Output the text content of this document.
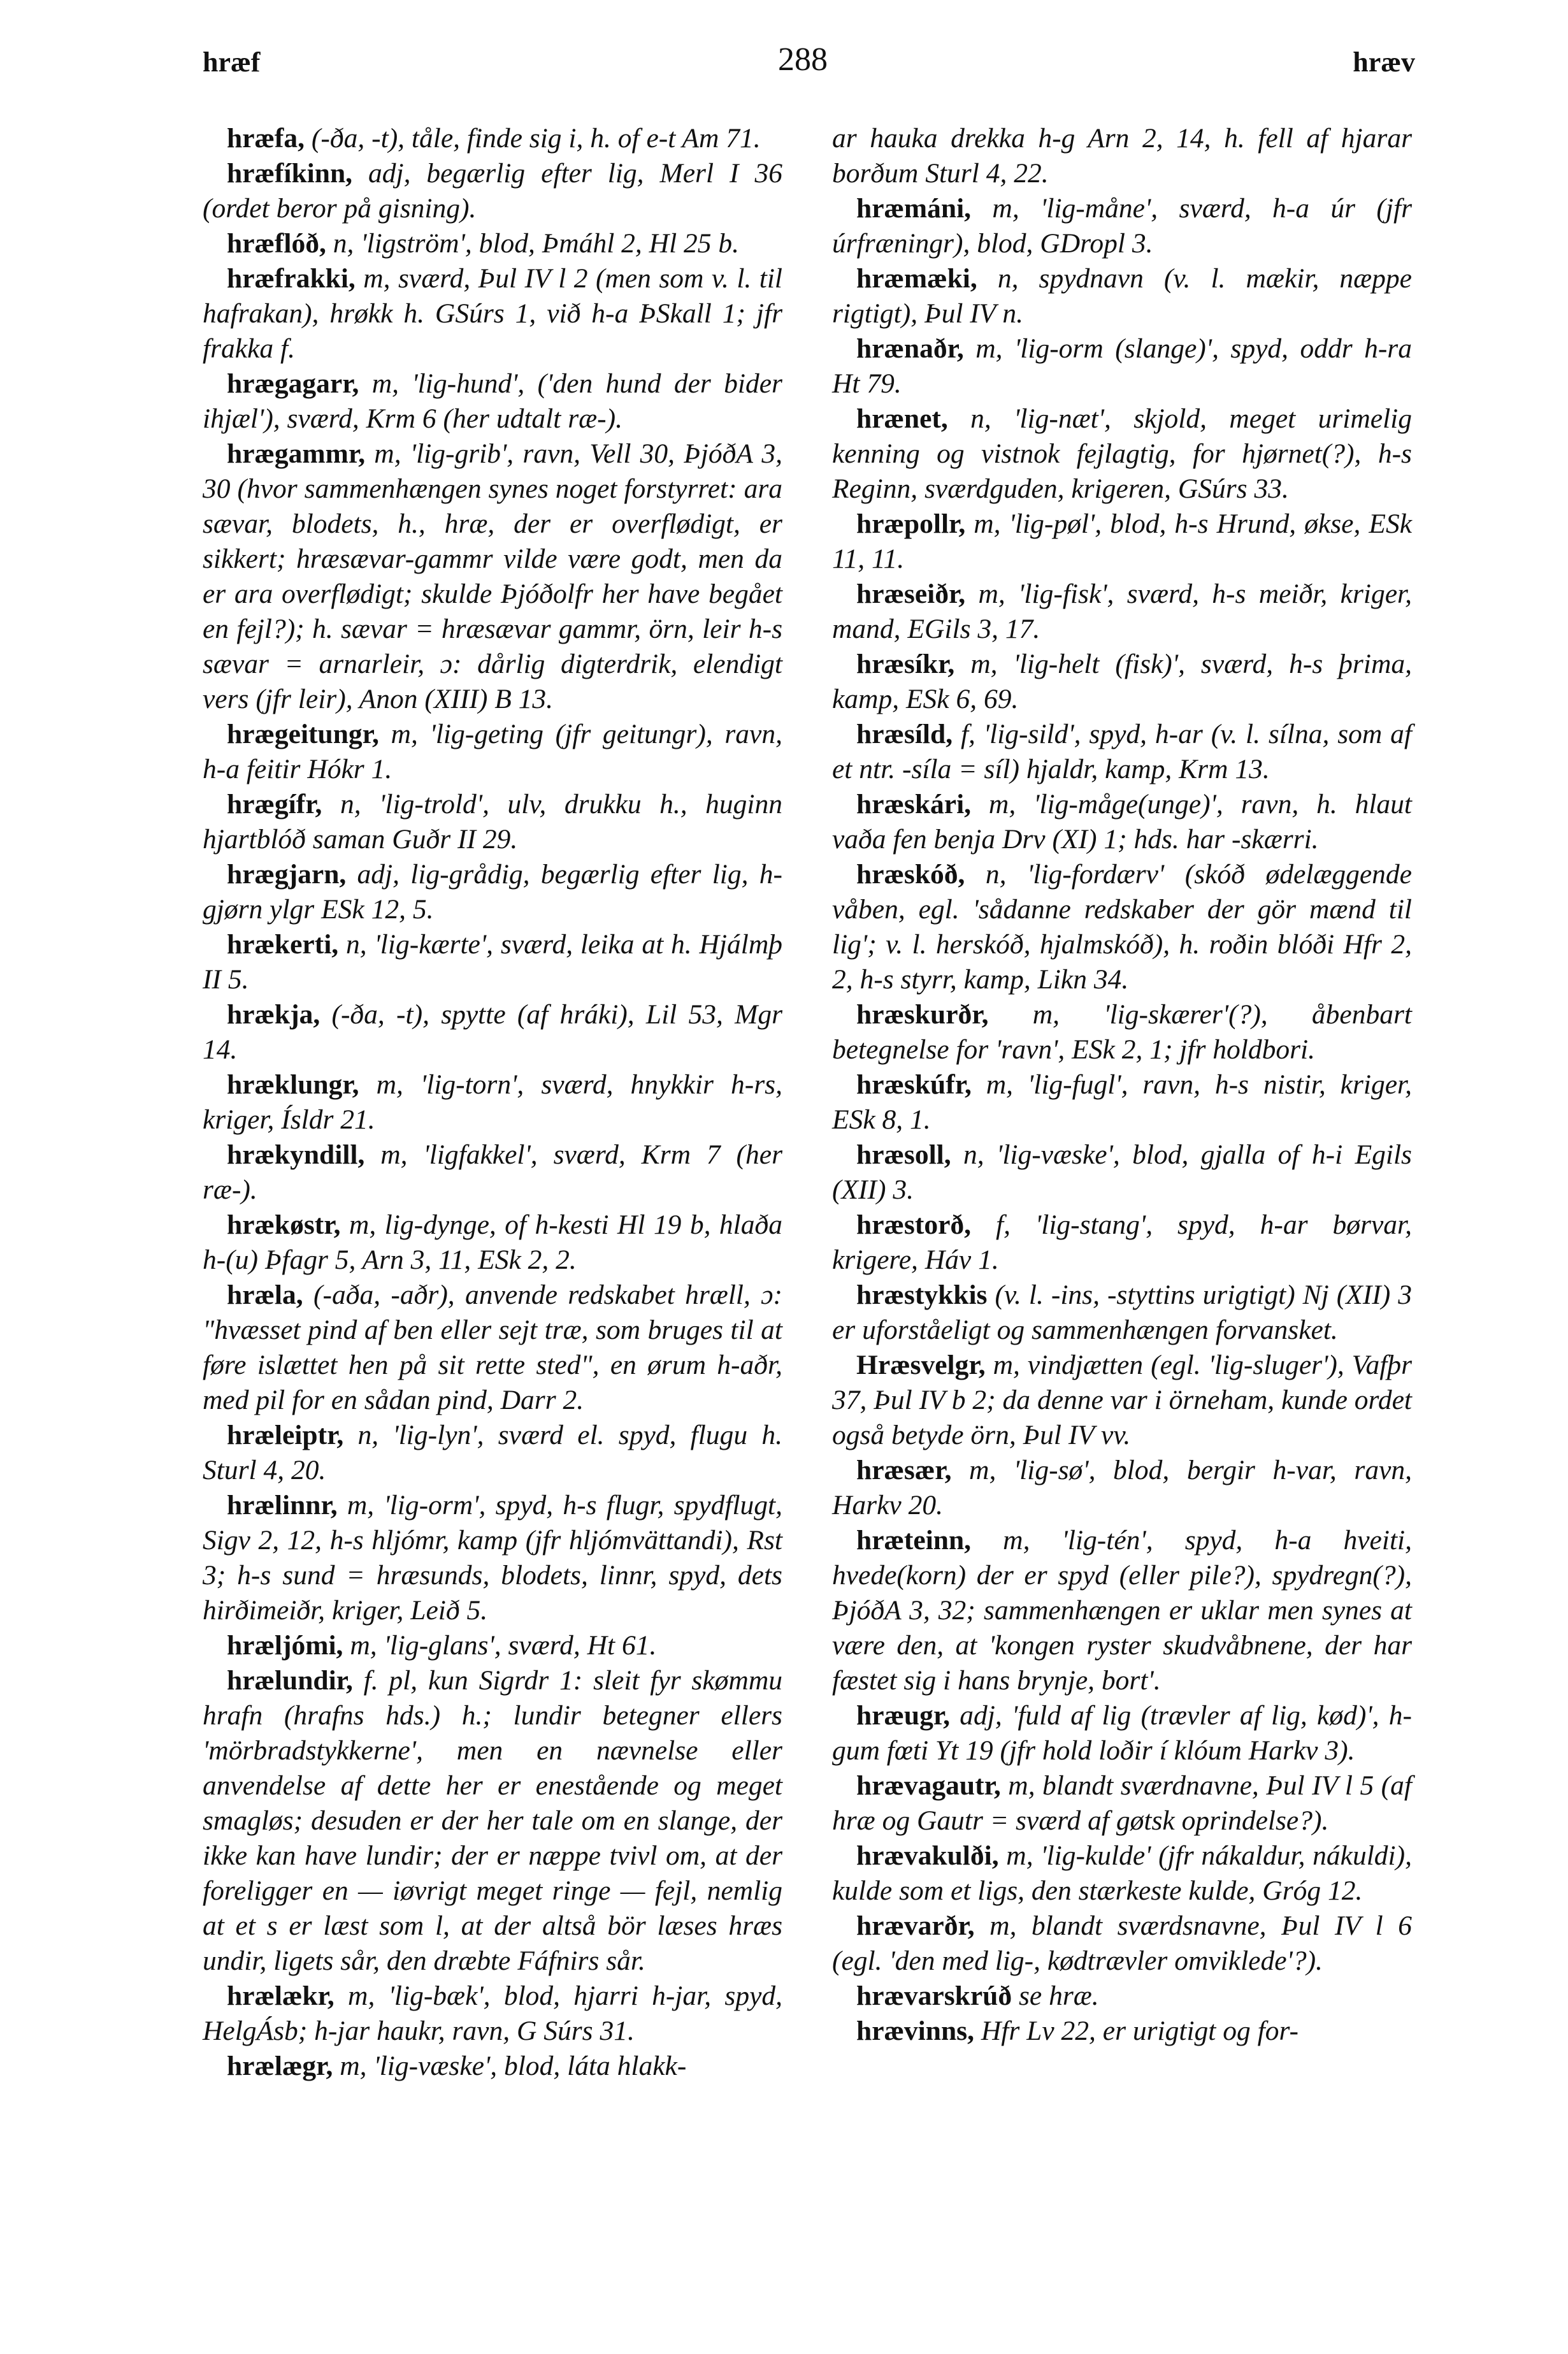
hræf	288	hræv

hræfa, (-ða, -t), tåle, finde sig i, h. of e-t Am 71.

hræfíkinn, adj, begærlig efter lig, Merl I 36 (ordet beror på gisning).

hræflóð, n, 'ligström', blod, Þmáhl 2, Hl 25 b.

hræfrakki, m, sværd, Þul IV l 2 (men som v. l. til hafrakan), hrøkk h. GSúrs 1, við h-a ÞSkall 1; jfr frakka f.

hrægagarr, m, 'lig-hund', ('den hund der bider ihjæl'), sværd, Krm 6 (her udtalt ræ-).

hrægammr, m, 'lig-grib', ravn, Vell 30, ÞjóðA 3, 30 (hvor sammenhængen synes noget forstyrret: ara sævar, blodets, h., hræ, der er overflødigt, er sikkert; hræsævar-gammr vilde være godt, men da er ara overflødigt; skulde Þjóðolfr her have begået en fejl?); h. sævar = hræsævar gammr, örn, leir h-s sævar = arnarleir, ɔ: dårlig digterdrik, elendigt vers (jfr leir), Anon (XIII) B 13.

hrægeitungr, m, 'lig-geting (jfr geitungr), ravn, h-a feitir Hókr 1.

hrægífr, n, 'lig-trold', ulv, drukku h., huginn hjartblóð saman Guðr II 29.

hrægjarn, adj, lig-grådig, begærlig efter lig, h-gjørn ylgr ESk 12, 5.

hrækerti, n, 'lig-kærte', sværd, leika at h. Hjálmþ II 5.

hrækja, (-ða, -t), spytte (af hráki), Lil 53, Mgr 14.

hræklungr, m, 'lig-torn', sværd, hnykkir h-rs, kriger, Ísldr 21.

hrækyndill, m, 'ligfakkel', sværd, Krm 7 (her ræ-).

hrækøstr, m, lig-dynge, of h-kesti Hl 19 b, hlaða h-(u) Þfagr 5, Arn 3, 11, ESk 2, 2.

hræla, (-aða, -aðr), anvende redskabet hræll, ɔ: "hvæsset pind af ben eller sejt træ, som bruges til at føre islættet hen på sit rette sted", en ørum h-aðr, med pil for en sådan pind, Darr 2.

hræleiptr, n, 'lig-lyn', sværd el. spyd, flugu h. Sturl 4, 20.

hrælinnr, m, 'lig-orm', spyd, h-s flugr, spydflugt, Sigv 2, 12, h-s hljómr, kamp (jfr hljómvättandi), Rst 3; h-s sund = hræsunds, blodets, linnr, spyd, dets hirðimeiðr, kriger, Leið 5.

hræljómi, m, 'lig-glans', sværd, Ht 61.

hrælundir, f. pl, kun Sigrdr 1: sleit fyr skømmu hrafn (hrafns hds.) h.; lundir betegner ellers 'mörbradstykkerne', men en nævnelse eller anvendelse af dette her er enestående og meget smagløs; desuden er der her tale om en slange, der ikke kan have lundir; der er næppe tvivl om, at der foreligger en — iøvrigt meget ringe — fejl, nemlig at et s er læst som l, at der altså bör læses hræs undir, ligets sår, den dræbte Fáfnirs sår.

hrælækr, m, 'lig-bæk', blod, hjarri h-jar, spyd, HelgÁsb; h-jar haukr, ravn, G Súrs 31.

hrælægr, m, 'lig-væske', blod, láta hlakk-

ar hauka drekka h-g Arn 2, 14, h. fell af hjarar borðum Sturl 4, 22.

hræmáni, m, 'lig-måne', sværd, h-a úr (jfr úrfræningr), blod, GDropl 3.

hræmæki, n, spydnavn (v. l. mækir, næppe rigtigt), Þul IV n.

hrænaðr, m, 'lig-orm (slange)', spyd, oddr h-ra Ht 79.

hrænet, n, 'lig-næt', skjold, meget urimelig kenning og vistnok fejlagtig, for hjørnet(?), h-s Reginn, sværdguden, krigeren, GSúrs 33.

hræpollr, m, 'lig-pøl', blod, h-s Hrund, økse, ESk 11, 11.

hræseiðr, m, 'lig-fisk', sværd, h-s meiðr, kriger, mand, EGils 3, 17.

hræsíkr, m, 'lig-helt (fisk)', sværd, h-s þrima, kamp, ESk 6, 69.

hræsíld, f, 'lig-sild', spyd, h-ar (v. l. sílna, som af et ntr. -síla = síl) hjaldr, kamp, Krm 13.

hræskári, m, 'lig-måge(unge)', ravn, h. hlaut vaða fen benja Drv (XI) 1; hds. har -skærri.

hræskóð, n, 'lig-fordærv' (skóð ødelæggende våben, egl. 'sådanne redskaber der gör mænd til lig'; v. l. herskóð, hjalmskóð), h. roðin blóði Hfr 2, 2, h-s styrr, kamp, Likn 34.

hræskurðr, m, 'lig-skærer'(?), åbenbart betegnelse for 'ravn', ESk 2, 1; jfr holdbori.

hræskúfr, m, 'lig-fugl', ravn, h-s nistir, kriger, ESk 8, 1.

hræsoll, n, 'lig-væske', blod, gjalla of h-i Egils (XII) 3.

hræstorð, f, 'lig-stang', spyd, h-ar børvar, krigere, Háv 1.

hræstykkis (v. l. -ins, -styttins urigtigt) Nj (XII) 3 er uforståeligt og sammenhængen forvansket.

Hræsvelgr, m, vindjætten (egl. 'lig-sluger'), Vafþr 37, Þul IV b 2; da denne var i örneham, kunde ordet også betyde örn, Þul IV vv.

hræsær, m, 'lig-sø', blod, bergir h-var, ravn, Harkv 20.

hræteinn, m, 'lig-tén', spyd, h-a hveiti, hvede(korn) der er spyd (eller pile?), spydregn(?), ÞjóðA 3, 32; sammenhængen er uklar men synes at være den, at 'kongen ryster skudvåbnene, der har fæstet sig i hans brynje, bort'.

hræugr, adj, 'fuld af lig (trævler af lig, kød)', h-gum fœti Yt 19 (jfr hold loðir í klóum Harkv 3).

hrævagautr, m, blandt sværdnavne, Þul IV l 5 (af hræ og Gautr = sværd af gøtsk oprindelse?).

hrævakulði, m, 'lig-kulde' (jfr nákaldur, nákuldi), kulde som et ligs, den stærkeste kulde, Gróg 12.

hrævarðr, m, blandt sværdsnavne, Þul IV l 6 (egl. 'den med lig-, kødtrævler omviklede'?).

hrævarskrúð se hræ.

hrævinns, Hfr Lv 22, er urigtigt og for-
